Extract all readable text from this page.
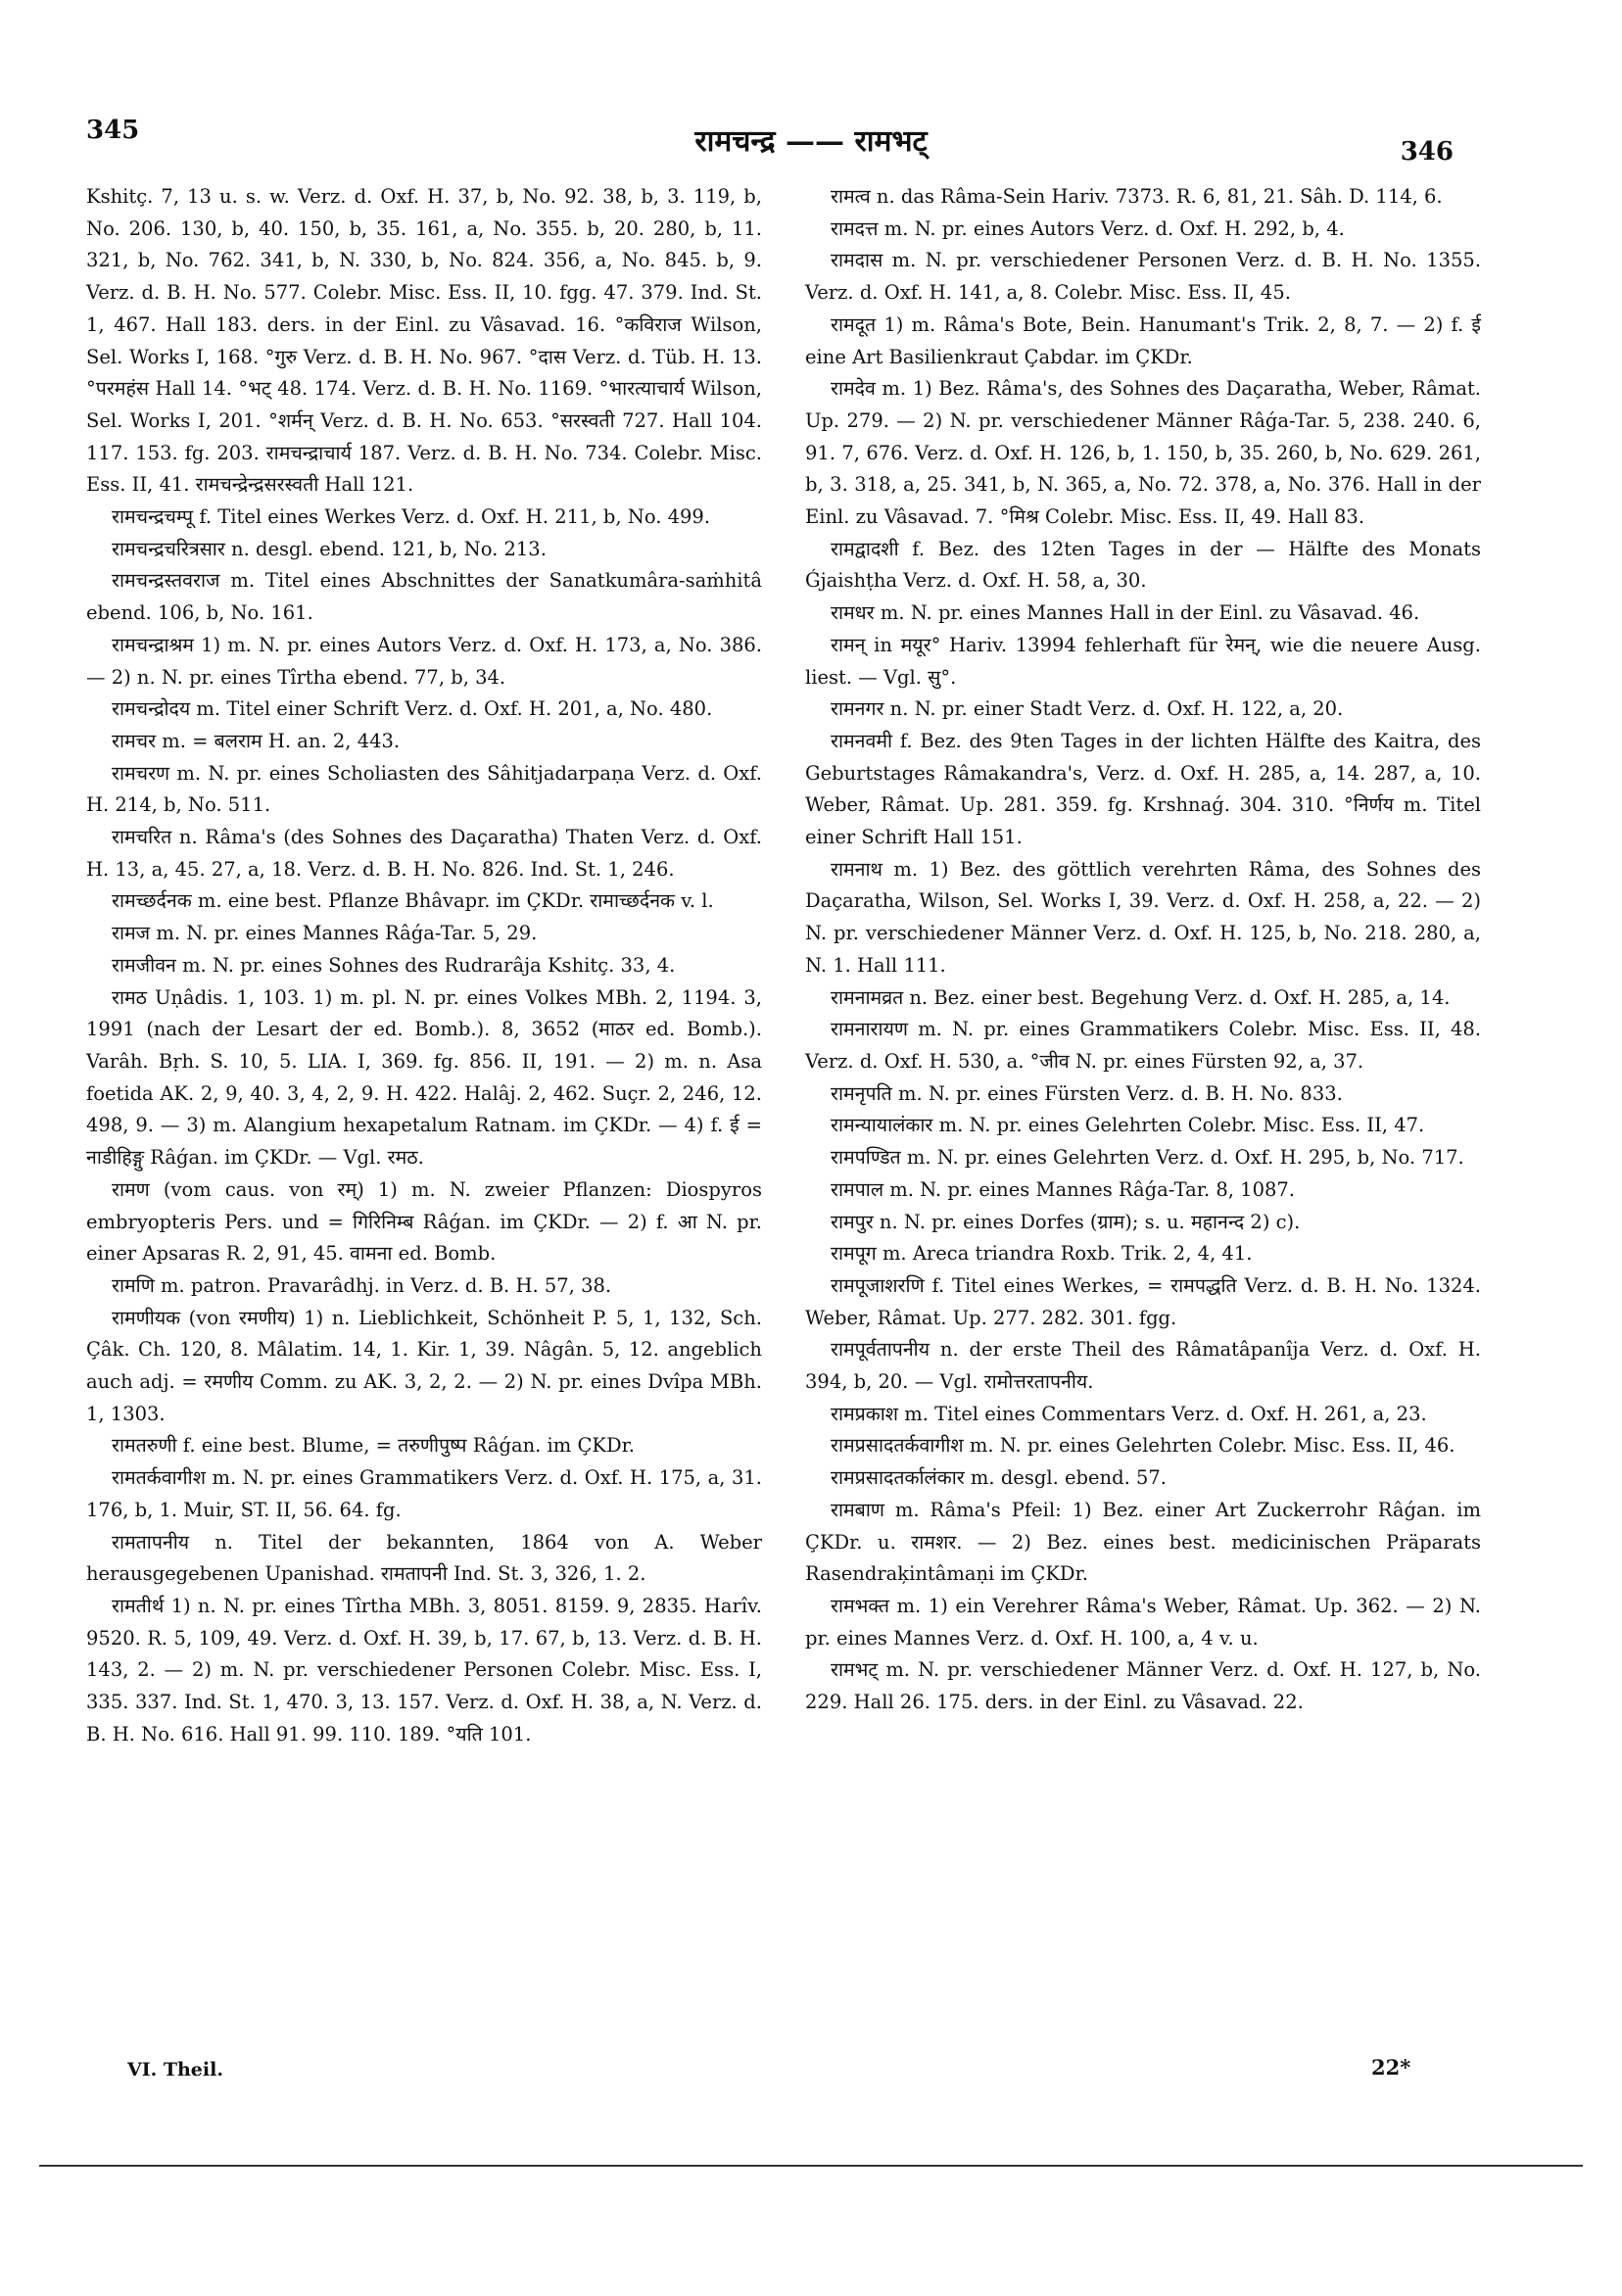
345	रामचन्द्र —— रामभट्	346

Kshitç. 7, 13 u. s. w. Verz. d. Oxf. H. 37, b, No. 92. 38, b, 3. 119, b, No. 206. 130, b, 40. 150, b, 35. 161, a, No. 355. b, 20. 280, b, 11. 321, b, No. 762. 341, b, N. 330, b, No. 824. 356, a, No. 845. b, 9. Verz. d. B. H. No. 577. Colebr. Misc. Ess. II, 10. fgg. 47. 379. Ind. St. 1, 467. Hall 183. ders. in der Einl. zu Vâsavad. 16. °कविराज Wilson, Sel. Works I, 168. °गुरु Verz. d. B. H. No. 967. °दास Verz. d. Tüb. H. 13. °परमहंस Hall 14. °भट् 48. 174. Verz. d. B. H. No. 1169. °भारत्याचार्य Wilson, Sel. Works I, 201. °शर्मन् Verz. d. B. H. No. 653. °सरस्वती 727. Hall 104. 117. 153. fg. 203. रामचन्द्राचार्य 187. Verz. d. B. H. No. 734. Colebr. Misc. Ess. II, 41. रामचन्द्रेन्द्रसरस्वती Hall 121.

रामचन्द्रचम्पू f. Titel eines Werkes Verz. d. Oxf. H. 211, b, No. 499.

रामचन्द्रचरित्रसार n. desgl. ebend. 121, b, No. 213.

रामचन्द्रस्तवराज m. Titel eines Abschnittes der Sanatkumâra-saṁhitâ ebend. 106, b, No. 161.

रामचन्द्राश्रम 1) m. N. pr. eines Autors Verz. d. Oxf. H. 173, a, No. 386. — 2) n. N. pr. eines Tîrtha ebend. 77, b, 34.

रामचन्द्रोदय m. Titel einer Schrift Verz. d. Oxf. H. 201, a, No. 480.

रामचर m. = बलराम H. an. 2, 443.

रामचरण m. N. pr. eines Scholiasten des Sâhitjadarpaṇa Verz. d. Oxf. H. 214, b, No. 511.

रामचरित n. Râma's (des Sohnes des Daçaratha) Thaten Verz. d. Oxf. H. 13, a, 45. 27, a, 18. Verz. d. B. H. No. 826. Ind. St. 1, 246.

रामच्छर्दनक m. eine best. Pflanze Bhâvapr. im ÇKDr. रामाच्छर्दनक v. l.

रामज m. N. pr. eines Mannes Râǵa-Tar. 5, 29.

रामजीवन m. N. pr. eines Sohnes des Rudrarâja Kshitç. 33, 4.

रामठ Uṇâdis. 1, 103. 1) m. pl. N. pr. eines Volkes MBh. 2, 1194. 3, 1991 (nach der Lesart der ed. Bomb.). 8, 3652 (माठर ed. Bomb.). Varâh. Bṛh. S. 10, 5. LIA. I, 369. fg. 856. II, 191. — 2) m. n. Asa foetida AK. 2, 9, 40. 3, 4, 2, 9. H. 422. Halâj. 2, 462. Suçr. 2, 246, 12. 498, 9. — 3) m. Alangium hexapetalum Ratnam. im ÇKDr. — 4) f. ई = नाडीहिङ्गु Râǵan. im ÇKDr. — Vgl. रमठ.

रामण (vom caus. von रम्) 1) m. N. zweier Pflanzen: Diospyros embryopteris Pers. und = गिरिनिम्ब Râǵan. im ÇKDr. — 2) f. आ N. pr. einer Apsaras R. 2, 91, 45. वामना ed. Bomb.

रामणि m. patron. Pravarâdhj. in Verz. d. B. H. 57, 38.

रामणीयक (von रमणीय) 1) n. Lieblichkeit, Schönheit P. 5, 1, 132, Sch. Çâk. Ch. 120, 8. Mâlatim. 14, 1. Kir. 1, 39. Nâgân. 5, 12. angeblich auch adj. = रमणीय Comm. zu AK. 3, 2, 2. — 2) N. pr. eines Dvîpa MBh. 1, 1303.

रामतरुणी f. eine best. Blume, = तरुणीपुष्प Râǵan. im ÇKDr.

रामतर्कवागीश m. N. pr. eines Grammatikers Verz. d. Oxf. H. 175, a, 31. 176, b, 1. Muir, ST. II, 56. 64. fg.

रामतापनीय n. Titel der bekannten, 1864 von A. Weber herausgegebenen Upanishad. रामतापनी Ind. St. 3, 326, 1. 2.

रामतीर्थ 1) n. N. pr. eines Tîrtha MBh. 3, 8051. 8159. 9, 2835. Harîv. 9520. R. 5, 109, 49. Verz. d. Oxf. H. 39, b, 17. 67, b, 13. Verz. d. B. H. 143, 2. — 2) m. N. pr. verschiedener Personen Colebr. Misc. Ess. I, 335. 337. Ind. St. 1, 470. 3, 13. 157. Verz. d. Oxf. H. 38, a, N. Verz. d. B. H. No. 616. Hall 91. 99. 110. 189. °यति 101.

रामत्व n. das Râma-Sein Hariv. 7373. R. 6, 81, 21. Sâh. D. 114, 6.

रामदत्त m. N. pr. eines Autors Verz. d. Oxf. H. 292, b, 4.

रामदास m. N. pr. verschiedener Personen Verz. d. B. H. No. 1355. Verz. d. Oxf. H. 141, a, 8. Colebr. Misc. Ess. II, 45.

रामदूत 1) m. Râma's Bote, Bein. Hanumant's Trik. 2, 8, 7. — 2) f. ई eine Art Basilienkraut Çabdar. im ÇKDr.

रामदेव m. 1) Bez. Râma's, des Sohnes des Daçaratha, Weber, Râmat. Up. 279. — 2) N. pr. verschiedener Männer Râǵa-Tar. 5, 238. 240. 6, 91. 7, 676. Verz. d. Oxf. H. 126, b, 1. 150, b, 35. 260, b, No. 629. 261, b, 3. 318, a, 25. 341, b, N. 365, a, No. 72. 378, a, No. 376. Hall in der Einl. zu Vâsavad. 7. °मिश्र Colebr. Misc. Ess. II, 49. Hall 83.

रामद्वादशी f. Bez. des 12ten Tages in der — Hälfte des Monats Ǵjaishṭha Verz. d. Oxf. H. 58, a, 30.

रामधर m. N. pr. eines Mannes Hall in der Einl. zu Vâsavad. 46.

रामन् in मयूर° Hariv. 13994 fehlerhaft für रेमन्, wie die neuere Ausg. liest. — Vgl. सु°.

रामनगर n. N. pr. einer Stadt Verz. d. Oxf. H. 122, a, 20.

रामनवमी f. Bez. des 9ten Tages in der lichten Hälfte des Kaitra, des Geburtstages Râmakandra's, Verz. d. Oxf. H. 285, a, 14. 287, a, 10. Weber, Râmat. Up. 281. 359. fg. Krshnaǵ. 304. 310. °निर्णय m. Titel einer Schrift Hall 151.

रामनाथ m. 1) Bez. des göttlich verehrten Râma, des Sohnes des Daçaratha, Wilson, Sel. Works I, 39. Verz. d. Oxf. H. 258, a, 22. — 2) N. pr. verschiedener Männer Verz. d. Oxf. H. 125, b, No. 218. 280, a, N. 1. Hall 111.

रामनामव्रत n. Bez. einer best. Begehung Verz. d. Oxf. H. 285, a, 14.

रामनारायण m. N. pr. eines Grammatikers Colebr. Misc. Ess. II, 48. Verz. d. Oxf. H. 530, a. °जीव N. pr. eines Fürsten 92, a, 37.

रामनृपति m. N. pr. eines Fürsten Verz. d. B. H. No. 833.

रामन्यायालंकार m. N. pr. eines Gelehrten Colebr. Misc. Ess. II, 47.

रामपण्डित m. N. pr. eines Gelehrten Verz. d. Oxf. H. 295, b, No. 717.

रामपाल m. N. pr. eines Mannes Râǵa-Tar. 8, 1087.

रामपुर n. N. pr. eines Dorfes (ग्राम); s. u. महानन्द 2) c).

रामपूग m. Areca triandra Roxb. Trik. 2, 4, 41.

रामपूजाशरणि f. Titel eines Werkes, = रामपद्धति Verz. d. B. H. No. 1324. Weber, Râmat. Up. 277. 282. 301. fgg.

रामपूर्वतापनीय n. der erste Theil des Râmatâpanîja Verz. d. Oxf. H. 394, b, 20. — Vgl. रामोत्तरतापनीय.

रामप्रकाश m. Titel eines Commentars Verz. d. Oxf. H. 261, a, 23.

रामप्रसादतर्कवागीश m. N. pr. eines Gelehrten Colebr. Misc. Ess. II, 46.

रामप्रसादतर्कालंकार m. desgl. ebend. 57.

रामबाण m. Râma's Pfeil: 1) Bez. einer Art Zuckerrohr Râǵan. im ÇKDr. u. रामशर. — 2) Bez. eines best. medicinischen Präparats Rasendraķintâmaṇi im ÇKDr.

रामभक्त m. 1) ein Verehrer Râma's Weber, Râmat. Up. 362. — 2) N. pr. eines Mannes Verz. d. Oxf. H. 100, a, 4 v. u.

रामभट् m. N. pr. verschiedener Männer Verz. d. Oxf. H. 127, b, No. 229. Hall 26. 175. ders. in der Einl. zu Vâsavad. 22.

VI. Theil.	22*
